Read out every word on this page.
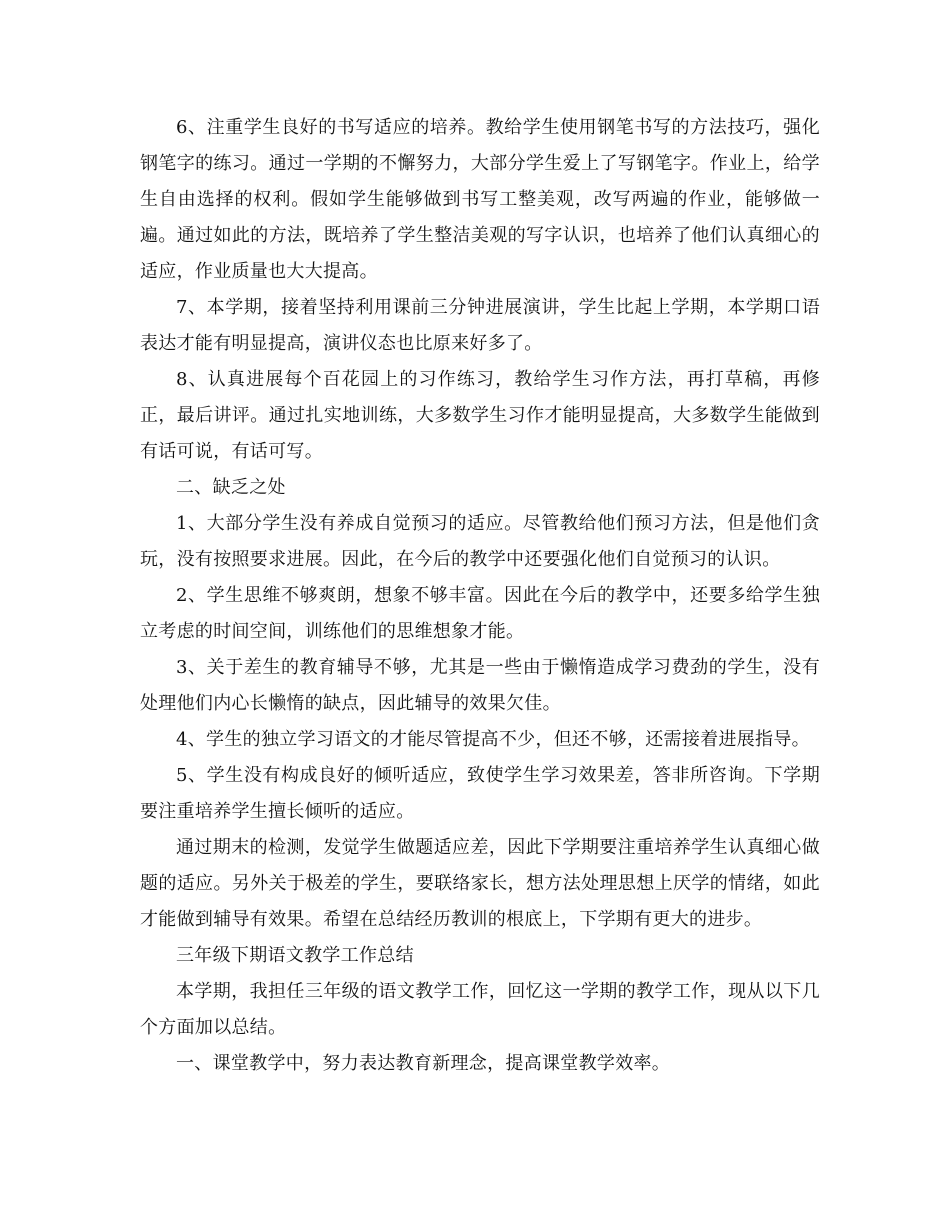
6、注重学生良好的书写适应的培养。教给学生使用钢笔书写的方法技巧，强化钢笔字的练习。通过一学期的不懈努力，大部分学生爱上了写钢笔字。作业上，给学生自由选择的权利。假如学生能够做到书写工整美观，改写两遍的作业，能够做一遍。通过如此的方法，既培养了学生整洁美观的写字认识，也培养了他们认真细心的适应，作业质量也大大提高。

7、本学期，接着坚持利用课前三分钟进展演讲，学生比起上学期，本学期口语表达才能有明显提高，演讲仪态也比原来好多了。

8、认真进展每个百花园上的习作练习，教给学生习作方法，再打草稿，再修正，最后讲评。通过扎实地训练，大多数学生习作才能明显提高，大多数学生能做到有话可说，有话可写。

二、缺乏之处

1、大部分学生没有养成自觉预习的适应。尽管教给他们预习方法，但是他们贪玩，没有按照要求进展。因此，在今后的教学中还要强化他们自觉预习的认识。

2、学生思维不够爽朗，想象不够丰富。因此在今后的教学中，还要多给学生独立考虑的时间空间，训练他们的思维想象才能。

3、关于差生的教育辅导不够，尤其是一些由于懒惰造成学习费劲的学生，没有处理他们内心长懒惰的缺点，因此辅导的效果欠佳。

4、学生的独立学习语文的才能尽管提高不少，但还不够，还需接着进展指导。

5、学生没有构成良好的倾听适应，致使学生学习效果差，答非所咨询。下学期要注重培养学生擅长倾听的适应。

通过期末的检测，发觉学生做题适应差，因此下学期要注重培养学生认真细心做题的适应。另外关于极差的学生，要联络家长，想方法处理思想上厌学的情绪，如此才能做到辅导有效果。希望在总结经历教训的根底上，下学期有更大的进步。

三年级下期语文教学工作总结

本学期，我担任三年级的语文教学工作，回忆这一学期的教学工作，现从以下几个方面加以总结。

一、课堂教学中，努力表达教育新理念，提高课堂教学效率。
